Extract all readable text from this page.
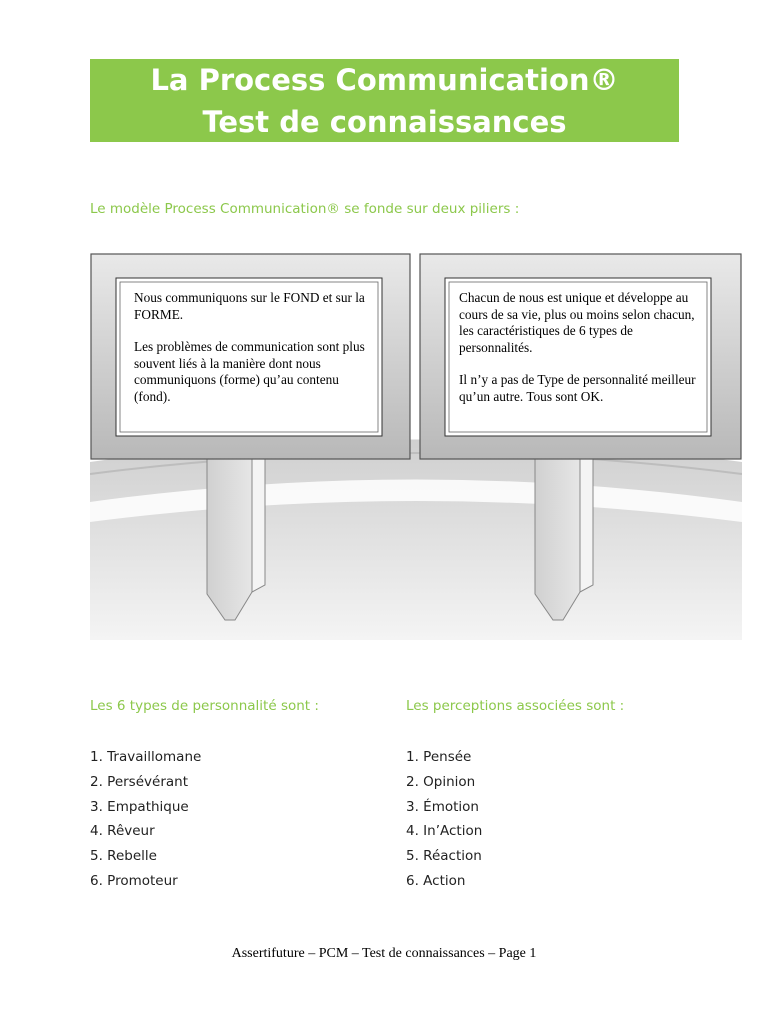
La Process Communication®
Test de connaissances
Le modèle Process Communication® se fonde sur deux piliers :

Nous communiquons sur le FOND et sur la FORME.

Les problèmes de communication sont plus souvent liés à la manière dont nous communiquons (forme) qu’au contenu (fond).

Chacun de nous est unique et développe au cours de sa vie, plus ou moins selon chacun, les caractéristiques de 6 types de personnalités.

Il n’y a pas de Type de personnalité meilleur qu’un autre. Tous sont OK.

Les 6 types de personnalité sont :	Les perceptions associées sont :
1. Travaillomane
2. Persévérant
3. Empathique
4. Rêveur
5. Rebelle
6. Promoteur
1. Pensée
2. Opinion
3. Émotion
4. In’Action
5. Réaction
6. Action
Assertifuture – PCM – Test de connaissances – Page 1
